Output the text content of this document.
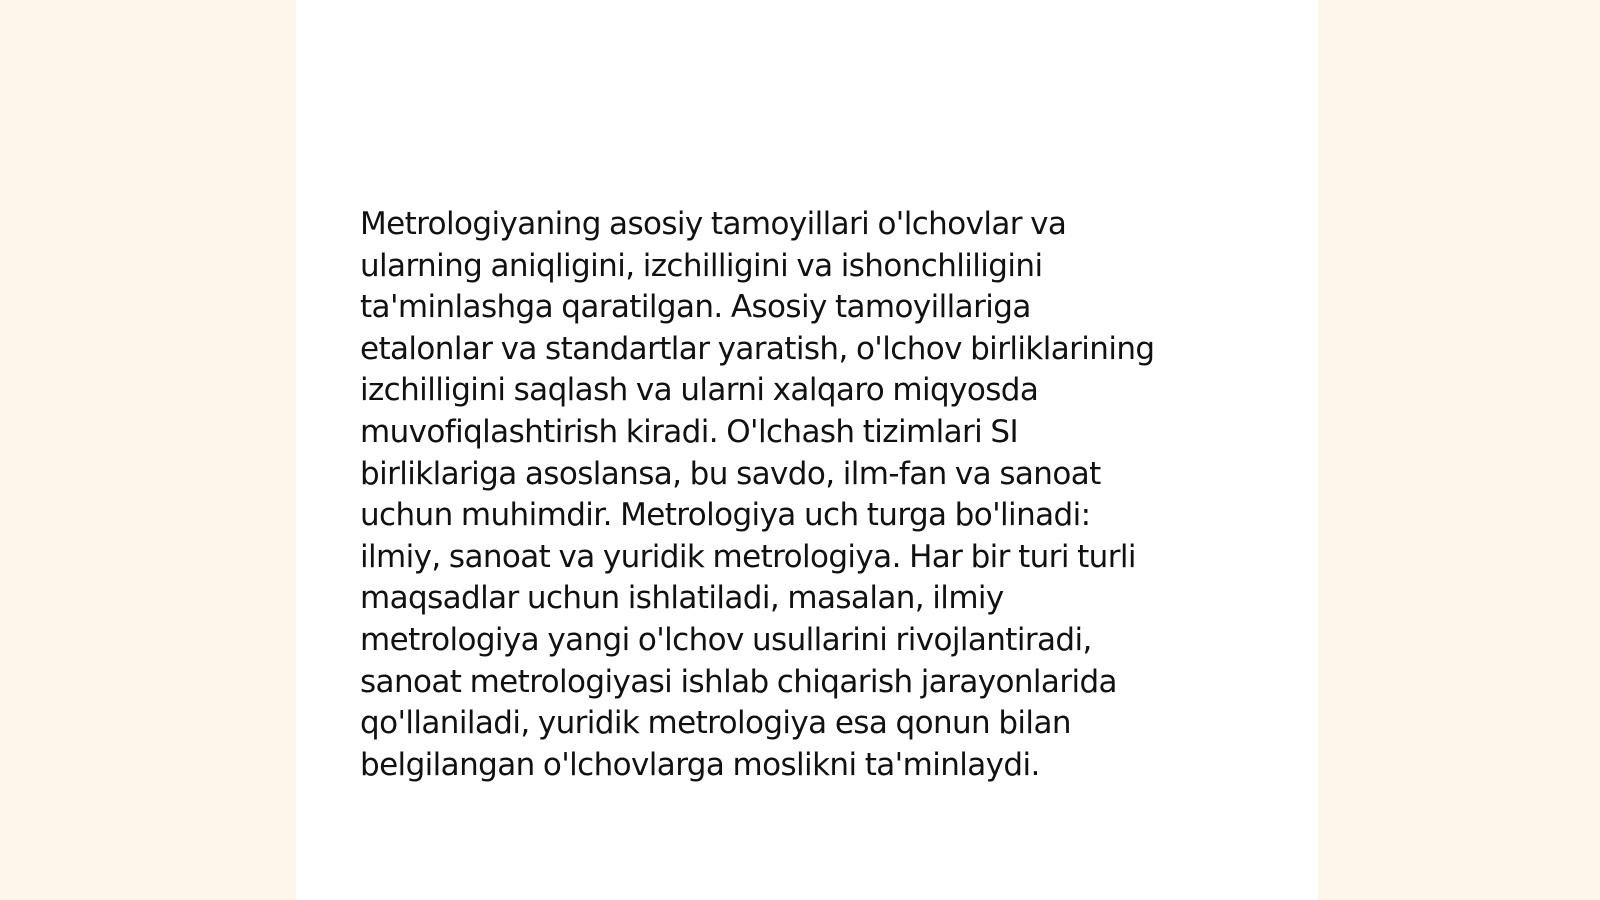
Metrologiyaning asosiy tamoyillari o'lchovlar va
ularning aniqligini, izchilligini va ishonchliligini
ta'minlashga qaratilgan. Asosiy tamoyillariga
etalonlar va standartlar yaratish, o'lchov birliklarining
izchilligini saqlash va ularni xalqaro miqyosda
muvofiqlashtirish kiradi. O'lchash tizimlari SI
birliklariga asoslansa, bu savdo, ilm-fan va sanoat
uchun muhimdir. Metrologiya uch turga bo'linadi:
ilmiy, sanoat va yuridik metrologiya. Har bir turi turli
maqsadlar uchun ishlatiladi, masalan, ilmiy
metrologiya yangi o'lchov usullarini rivojlantiradi,
sanoat metrologiyasi ishlab chiqarish jarayonlarida
qo'llaniladi, yuridik metrologiya esa qonun bilan
belgilangan o'lchovlarga moslikni ta'minlaydi.
